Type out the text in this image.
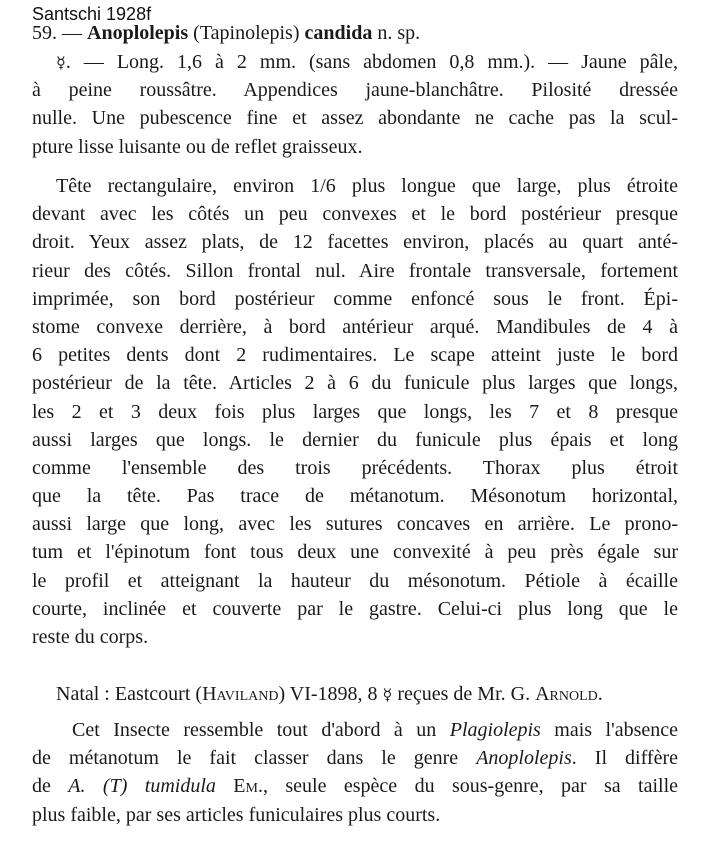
Santschi 1928f
59. — Anoplolepis (Tapinolepis) candida n. sp.
☿. — Long. 1,6 à 2 mm. (sans abdomen 0,8 mm.). — Jaune pâle,
à peine roussâtre. Appendices jaune-blanchâtre. Pilosité dressée
nulle. Une pubescence fine et assez abondante ne cache pas la scul-
pture lisse luisante ou de reflet graisseux.
Tête rectangulaire, environ 1/6 plus longue que large, plus étroite
devant avec les côtés un peu convexes et le bord postérieur presque
droit. Yeux assez plats, de 12 facettes environ, placés au quart anté-
rieur des côtés. Sillon frontal nul. Aire frontale transversale, fortement
imprimée, son bord postérieur comme enfoncé sous le front. Épi-
stome convexe derrière, à bord antérieur arqué. Mandibules de 4 à
6 petites dents dont 2 rudimentaires. Le scape atteint juste le bord
postérieur de la tête. Articles 2 à 6 du funicule plus larges que longs,
les 2 et 3 deux fois plus larges que longs, les 7 et 8 presque
aussi larges que longs. le dernier du funicule plus épais et long
comme l'ensemble des trois précédents. Thorax plus étroit
que la tête. Pas trace de métanotum. Mésonotum horizontal,
aussi large que long, avec les sutures concaves en arrière. Le prono-
tum et l'épinotum font tous deux une convexité à peu près égale sur
le profil et atteignant la hauteur du mésonotum. Pétiole à écaille
courte, inclinée et couverte par le gastre. Celui-ci plus long que le
reste du corps.
Natal : Eastcourt (Haviland) VI-1898, 8 ☿ reçues de Mr. G. Arnold.
Cet Insecte ressemble tout d'abord à un Plagiolepis mais l'absence
de métanotum le fait classer dans le genre Anoplolepis. Il diffère
de A. (T) tumidula Em., seule espèce du sous-genre, par sa taille
plus faible, par ses articles funiculaires plus courts.
